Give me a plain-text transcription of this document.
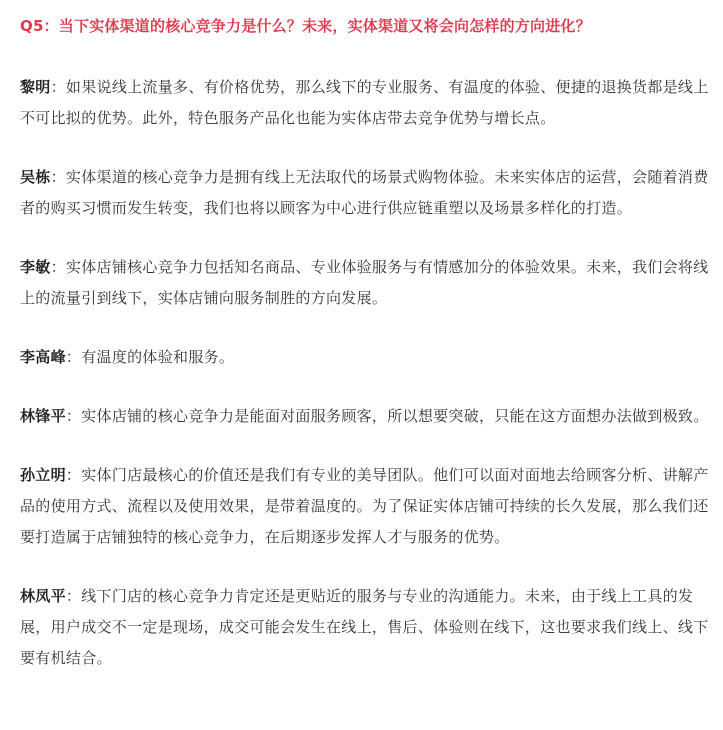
Q5：当下实体渠道的核心竞争力是什么？未来，实体渠道又将会向怎样的方向进化？

黎明：如果说线上流量多、有价格优势，那么线下的专业服务、有温度的体验、便捷的退换货都是线上不可比拟的优势。此外，特色服务产品化也能为实体店带去竞争优势与增长点。

吴栋：实体渠道的核心竞争力是拥有线上无法取代的场景式购物体验。未来实体店的运营，会随着消费者的购买习惯而发生转变，我们也将以顾客为中心进行供应链重塑以及场景多样化的打造。

李敏：实体店铺核心竞争力包括知名商品、专业体验服务与有情感加分的体验效果。未来，我们会将线上的流量引到线下，实体店铺向服务制胜的方向发展。

李高峰：有温度的体验和服务。

林锋平：实体店铺的核心竞争力是能面对面服务顾客，所以想要突破，只能在这方面想办法做到极致。

孙立明：实体门店最核心的价值还是我们有专业的美导团队。他们可以面对面地去给顾客分析、讲解产品的使用方式、流程以及使用效果，是带着温度的。为了保证实体店铺可持续的长久发展，那么我们还要打造属于店铺独特的核心竞争力，在后期逐步发挥人才与服务的优势。

林凤平：线下门店的核心竞争力肯定还是更贴近的服务与专业的沟通能力。未来，由于线上工具的发展，用户成交不一定是现场，成交可能会发生在线上，售后、体验则在线下，这也要求我们线上、线下要有机结合。
